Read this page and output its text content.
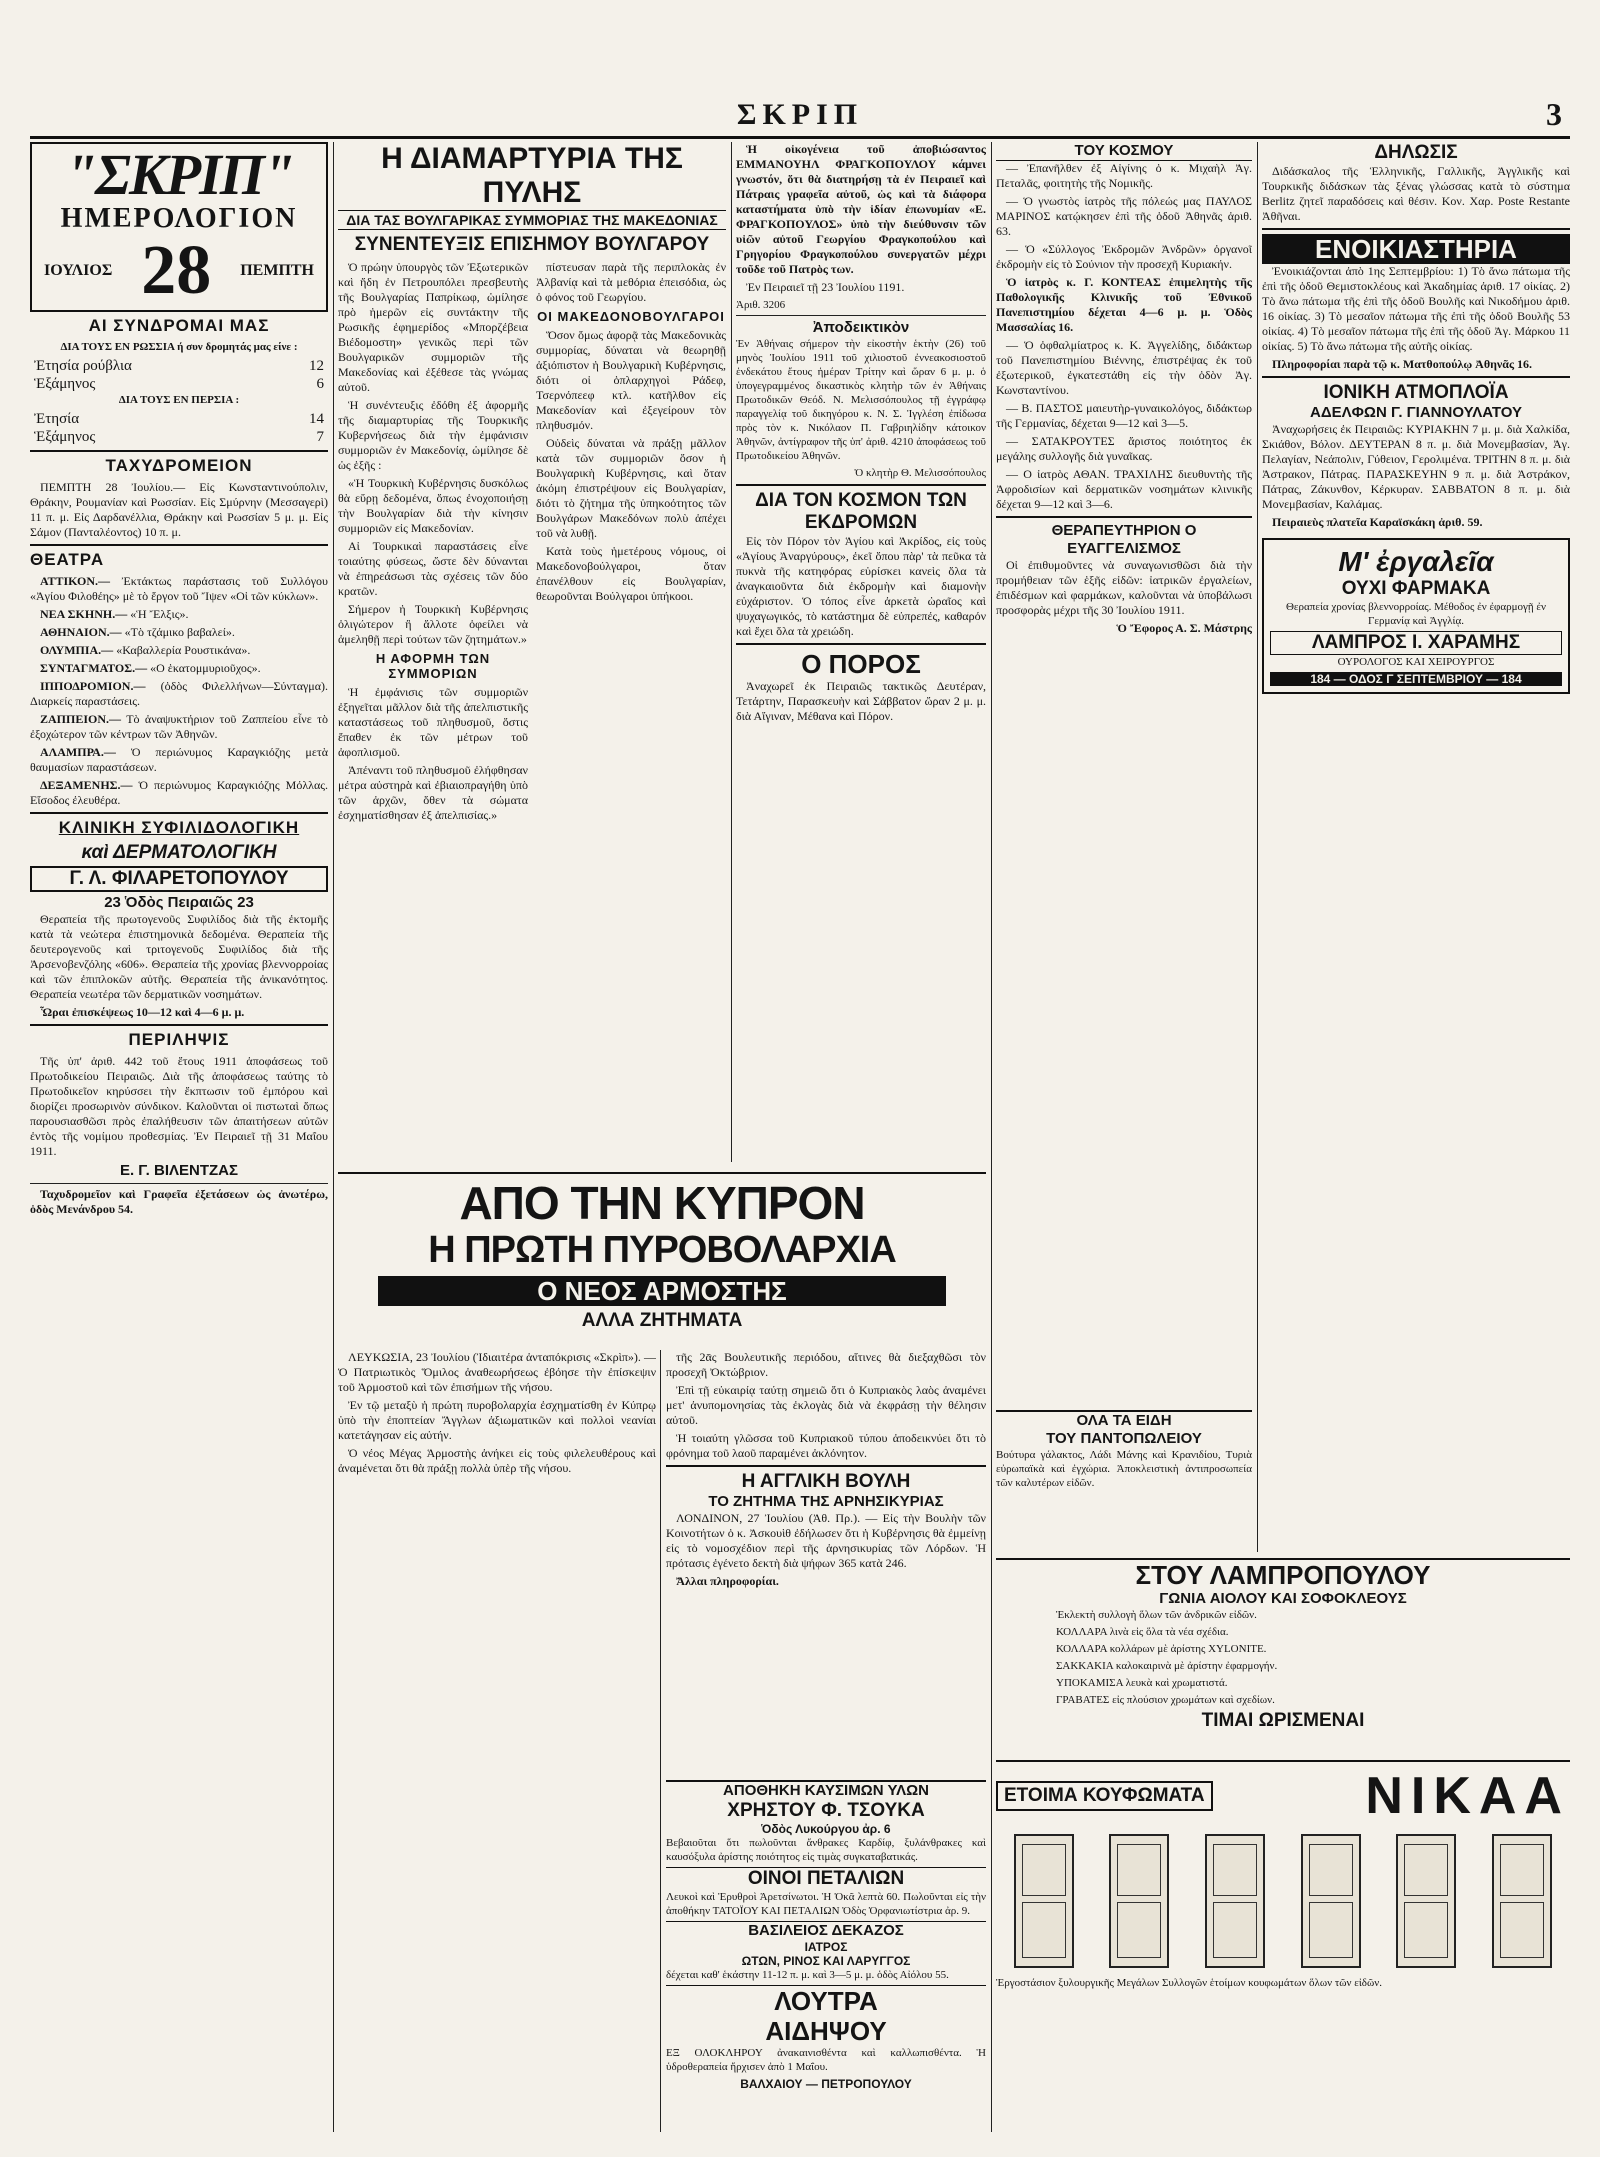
ΣΚΡΙΠ	3
"ΣΚΡΙΠ"
ΗΜΕΡΟΛΟΓΙΟΝ
ΙΟΥΛΙΟΣ 28 ΠΕΜΠΤΗ
ΑΙ ΣΥΝΔΡΟΜΑΙ ΜΑΣ
ΔΙΑ ΤΟΥΣ ΕΝ ΡΩΣΣΙΑ ή συν δρομητάς μας είνε :
Ἐτησία ρούβλια	12
Ἑξάμηνος	6
ΔΙΑ ΤΟΥΣ ΕΝ ΠΕΡΣΙΑ :
Ἐτησία	14
Ἑξάμηνος	7
ΤΑΧΥΔΡΟΜΕΙΟΝ

ΠΕΜΠΤΗ 28 Ἰουλίου.— Εἰς Κωνσταντινούπολιν, Θράκην, Ρουμανίαν καὶ Ρωσσίαν. Εἰς Σμύρνην (Μεσσαγερὶ) 11 π. μ. Εἰς Δαρδανέλλια, Θράκην καὶ Ρωσσίαν 5 μ. μ. Εἰς Σάμον (Πανταλέοντος) 10 π. μ.

ΘΕΑΤΡΑ

ΑΤΤΙΚΟΝ.— Ἐκτάκτως παράστασις τοῦ Συλλόγου «Ἀγίου Φιλοθέης» μὲ τὸ ἔργον τοῦ Ἴψεν «Οἱ τῶν κύκλων».

ΝΕΑ ΣΚΗΝΗ.— «Ἡ Ἔλξις».

ΑΘΗΝΑΙΟΝ.— «Τὸ τζάμικο βαβαλεί».

ΟΛΥΜΠΙΑ.— «Καβαλλερία Ρουστικάνα».

ΣΥΝΤΑΓΜΑΤΟΣ.— «Ο ἑκατομμυριοῦχος».

ΙΠΠΟΔΡΟΜΙΟΝ.— (ὁδὸς Φιλελλήνων—Σύνταγμα). Διαρκείς παραστάσεις.

ΖΑΠΠΕΙΟΝ.— Τὸ ἀναψυκτήριον τοῦ Ζαππείου εἶνε τὸ ἐξοχώτερον τῶν κέντρων τῶν Ἀθηνῶν.

ΑΛΑΜΠΡΑ.— Ὁ περιώνυμος Καραγκιόζης μετὰ θαυμασίων παραστάσεων.

ΔΕΞΑΜΕΝΗΣ.— Ὁ περιώνυμος Καραγκιόζης Μόλλας. Εἴσοδος ἐλευθέρα.

ΚΛΙΝΙΚΗ ΣΥΦΙΛΙΔΟΛΟΓΙΚΗ
καὶ ΔΕΡΜΑΤΟΛΟΓΙΚΗ
Γ. Λ. ΦΙΛΑΡΕΤΟΠΟΥΛΟΥ
23 Ὁδὸς Πειραιῶς 23

Θεραπεία τῆς πρωτογενοῦς Συφιλίδος διὰ τῆς ἐκτομῆς κατὰ τὰ νεώτερα ἐπιστημονικὰ δεδομένα. Θεραπεία τῆς δευτερογενοῦς καὶ τριτογενοῦς Συφιλίδος διὰ τῆς Ἀρσενοβενζόλης «606». Θεραπεία τῆς χρονίας βλεννορροίας καὶ τῶν ἐπιπλοκῶν αὐτῆς. Θεραπεία τῆς ἀνικανότητος. Θεραπεία νεωτέρα τῶν δερματικῶν νοσημάτων.

Ὧραι ἐπισκέψεως 10—12 καὶ 4—6 μ. μ.

ΠΕΡΙΛΗΨΙΣ

Τῆς ὑπ' ἀριθ. 442 τοῦ ἔτους 1911 ἀποφάσεως τοῦ Πρωτοδικείου Πειραιῶς. Διὰ τῆς ἀποφάσεως ταύτης τὸ Πρωτοδικεῖον κηρύσσει τὴν ἔκπτωσιν τοῦ ἐμπόρου καὶ διορίζει προσωρινὸν σύνδικον. Καλοῦνται οἱ πιστωταὶ ὅπως παρουσιασθῶσι πρὸς ἐπαλήθευσιν τῶν ἀπαιτήσεων αὐτῶν ἐντὸς τῆς νομίμου προθεσμίας. Ἐν Πειραιεῖ τῇ 31 Μαΐου 1911.

Ε. Γ. ΒΙΛΕΝΤΖΑΣ

Ταχυδρομεῖον καὶ Γραφεῖα ἐξετάσεων ὡς ἀνωτέρω, ὁδὸς Μενάνδρου 54.

Η ΔΙΑΜΑΡΤΥΡΙΑ ΤΗΣ ΠΥΛΗΣ
ΔΙΑ ΤΑΣ ΒΟΥΛΓΑΡΙΚΑΣ ΣΥΜΜΟΡΙΑΣ ΤΗΣ ΜΑΚΕΔΟΝΙΑΣ
ΣΥΝΕΝΤΕΥΞΙΣ ΕΠΙΣΗΜΟΥ ΒΟΥΛΓΑΡΟΥ

Ὁ πρώην ὑπουργὸς τῶν Ἐξωτερικῶν καὶ ἤδη ἐν Πετρουπόλει πρεσβευτὴς τῆς Βουλγαρίας Παπρίκωφ, ὡμίλησε πρὸ ἡμερῶν εἰς συντάκτην τῆς Ρωσικῆς ἐφημερίδος «Μπορζέβεια Βιέδομοστη» γενικῶς περὶ τῶν Βουλγαρικῶν συμμοριῶν τῆς Μακεδονίας καὶ ἐξέθεσε τὰς γνώμας αὐτοῦ.

Ἡ συνέντευξις ἐδόθη ἐξ ἀφορμῆς τῆς διαμαρτυρίας τῆς Τουρκικῆς Κυβερνήσεως διὰ τὴν ἐμφάνισιν συμμοριῶν ἐν Μακεδονίᾳ, ὡμίλησε δὲ ὡς ἑξῆς :

«Ἡ Τουρκικὴ Κυβέρνησις δυσκόλως θὰ εὕρῃ δεδομένα, ὅπως ἐνοχοποιήσῃ τὴν Βουλγαρίαν διὰ τὴν κίνησιν συμμοριῶν εἰς Μακεδονίαν.

Αἱ Τουρκικαὶ παραστάσεις εἶνε τοιαύτης φύσεως, ὥστε δὲν δύνανται νὰ ἐπηρεάσωσι τὰς σχέσεις τῶν δύο κρατῶν.

Σήμερον ἡ Τουρκικὴ Κυβέρνησις ὀλιγώτερον ἢ ἄλλοτε ὀφείλει νὰ ἀμεληθῇ περὶ τούτων τῶν ζητημάτων.»

Η ΑΦΟΡΜΗ ΤΩΝ ΣΥΜΜΟΡΙΩΝ

Ἡ ἐμφάνισις τῶν συμμοριῶν ἐξηγεῖται μᾶλλον διὰ τῆς ἀπελπιστικῆς καταστάσεως τοῦ πληθυσμοῦ, ὅστις ἔπαθεν ἐκ τῶν μέτρων τοῦ ἀφοπλισμοῦ.

Ἀπέναντι τοῦ πληθυσμοῦ ἐλήφθησαν μέτρα αὐστηρὰ καὶ ἐβιαιοπραγήθη ὑπὸ τῶν ἀρχῶν, ὅθεν τὰ σώματα ἐσχηματίσθησαν ἐξ ἀπελπισίας.»

πίστευσαν παρὰ τῆς περιπλοκὰς ἐν Ἀλβανίᾳ καὶ τὰ μεθόρια ἐπεισόδια, ὡς ὁ φόνος τοῦ Γεωργίου.

ΟΙ ΜΑΚΕΔΟΝΟΒΟΥΛΓΑΡΟΙ

Ὅσον ὅμως ἀφορᾷ τὰς Μακεδονικὰς συμμορίας, δύναται νὰ θεωρηθῇ ἀξιόπιστον ἡ Βουλγαρικὴ Κυβέρνησις, διότι οἱ ὁπλαρχηγοὶ Ράδεφ, Τσερνόπεεφ κτλ. κατῆλθον εἰς Μακεδονίαν καὶ ἐξεγείρουν τὸν πληθυσμόν.

Οὐδεὶς δύναται νὰ πράξῃ μᾶλλον κατὰ τῶν συμμοριῶν ὅσον ἡ Βουλγαρικὴ Κυβέρνησις, καὶ ὅταν ἀκόμη ἐπιστρέψουν εἰς Βουλγαρίαν, διότι τὸ ζήτημα τῆς ὑπηκοότητος τῶν Βουλγάρων Μακεδόνων πολὺ ἀπέχει τοῦ νὰ λυθῇ.

Κατὰ τοὺς ἡμετέρους νόμους, οἱ Μακεδονοβούλγαροι, ὅταν ἐπανέλθουν εἰς Βουλγαρίαν, θεωροῦνται Βούλγαροι ὑπήκοοι.

Ἡ οἰκογένεια τοῦ ἀποβιώσαντος ΕΜΜΑΝΟΥΗΛ ΦΡΑΓΚΟΠΟΥΛΟΥ κάμνει γνωστόν, ὅτι θὰ διατηρήσῃ τὰ ἐν Πειραιεῖ καὶ Πάτραις γραφεῖα αὐτοῦ, ὡς καὶ τὰ διάφορα καταστήματα ὑπὸ τὴν ἰδίαν ἐπωνυμίαν «Ε. ΦΡΑΓΚΟΠΟΥΛΟΣ» ὑπὸ τὴν διεύθυνσιν τῶν υἱῶν αὐτοῦ Γεωργίου Φραγκοπούλου καὶ Γρηγορίου Φραγκοπούλου συνεργατῶν μέχρι τοῦδε τοῦ Πατρὸς των.

Ἐν Πειραιεῖ τῇ 23 Ἰουλίου 1191.

Ἀριθ. 3206

Ἀποδεικτικὸν

Ἐν Ἀθήναις σήμερον τὴν εἰκοστὴν ἑκτὴν (26) τοῦ μηνὸς Ἰουλίου 1911 τοῦ χιλιοστοῦ ἐννεακοσιοστοῦ ἑνδεκάτου ἔτους ἡμέραν Τρίτην καὶ ὥραν 6 μ. μ. ὁ ὑπογεγραμμένος δικαστικὸς κλητὴρ τῶν ἐν Ἀθήναις Πρωτοδικῶν Θεόδ. Ν. Μελισσόπουλος τῇ ἐγγράφῳ παραγγελίᾳ τοῦ δικηγόρου κ. Ν. Σ. Ἰγγλέση ἐπίδωσα πρὸς τὸν κ. Νικόλαον Π. Γαβριηλίδην κάτοικον Ἀθηνῶν, ἀντίγραφον τῆς ὑπ' ἀριθ. 4210 ἀποφάσεως τοῦ Πρωτοδικείου Ἀθηνῶν.

Ὁ κλητὴρ Θ. Μελισσόπουλος

ΔΙΑ ΤΟΝ ΚΟΣΜΟΝ ΤΩΝ ΕΚΔΡΟΜΩΝ

Εἰς τὸν Πόρον τὸν Ἁγίου καὶ Ἀκρίδος, εἰς τοὺς «Ἁγίους Ἀναργύρους», ἐκεῖ ὅπου πὰρ' τὰ πεῦκα τὰ πυκνὰ τῆς κατηφόρας εὑρίσκει κανεὶς ὅλα τὰ ἀναγκαιοῦντα διὰ ἐκδρομὴν καὶ διαμονὴν εὐχάριστον. Ὁ τόπος εἶνε ἀρκετὰ ὡραῖος καὶ ψυχαγωγικός, τὸ κατάστημα δὲ εὐπρεπές, καθαρόν καὶ ἔχει ὅλα τὰ χρειώδη.

Ο ΠΟΡΟΣ

Ἀναχωρεῖ ἐκ Πειραιῶς τακτικῶς Δευτέραν, Τετάρτην, Παρασκευὴν καὶ Σάββατον ὥραν 2 μ. μ. διὰ Αἴγιναν, Μέθανα καὶ Πόρον.

ΑΠΟ ΤΗΝ ΚΥΠΡΟΝ
Η ΠΡΩΤΗ ΠΥΡΟΒΟΛΑΡΧΙΑ
Ο ΝΕΟΣ ΑΡΜΟΣΤΗΣ
ΑΛΛΑ ΖΗΤΗΜΑΤΑ

ΛΕΥΚΩΣΙΑ, 23 Ἰουλίου (Ἰδιαιτέρα ἀνταπόκρισις «Σκρὶπ»). — Ὁ Πατριωτικὸς Ὅμιλος ἀναθεωρήσεως ἐβόησε τὴν ἐπίσκεψιν τοῦ Ἀρμοστοῦ καὶ τῶν ἐπισήμων τῆς νήσου.

Ἐν τῷ μεταξὺ ἡ πρώτη πυροβολαρχία ἐσχηματίσθη ἐν Κύπρῳ ὑπὸ τὴν ἐποπτείαν Ἄγγλων ἀξιωματικῶν καὶ πολλοὶ νεανίαι κατετάγησαν εἰς αὐτήν.

Ὁ νέος Μέγας Ἁρμοστὴς ἀνήκει εἰς τοὺς φιλελευθέρους καὶ ἀναμένεται ὅτι θὰ πράξῃ πολλὰ ὑπὲρ τῆς νήσου.

τῆς 2ᾱς Βουλευτικῆς περιόδου, αἵτινες θὰ διεξαχθῶσι τὸν προσεχῆ Ὀκτώβριον.

Ἐπὶ τῇ εὐκαιρίᾳ ταύτῃ σημειῶ ὅτι ὁ Κυπριακὸς λαὸς ἀναμένει μετ' ἀνυπομονησίας τὰς ἐκλογὰς διὰ νὰ ἐκφράσῃ τὴν θέλησιν αὐτοῦ.

Ἡ τοιαύτη γλῶσσα τοῦ Κυπριακοῦ τύπου ἀποδεικνύει ὅτι τὸ φρόνημα τοῦ λαοῦ παραμένει ἀκλόνητον.

Η ΑΓΓΛΙΚΗ ΒΟΥΛΗ
ΤΟ ΖΗΤΗΜΑ ΤΗΣ ΑΡΝΗΣΙΚΥΡΙΑΣ

ΛΟΝΔΙΝΟΝ, 27 Ἰουλίου (Ἀθ. Πρ.). — Εἰς τὴν Βουλὴν τῶν Κοινοτήτων ὁ κ. Ἀσκουὶθ ἐδήλωσεν ὅτι ἡ Κυβέρνησις θὰ ἐμμείνῃ εἰς τὸ νομοσχέδιον περὶ τῆς ἀρνησικυρίας τῶν Λόρδων. Ἡ πρότασις ἐγένετο δεκτὴ διὰ ψήφων 365 κατὰ 246.

Ἄλλαι πληροφορίαι.

ΤΟΥ ΚΟΣΜΟΥ

— Ἐπανῆλθεν ἐξ Αἰγίνης ὁ κ. Μιχαὴλ Ἀγ. Πεταλᾶς, φοιτητὴς τῆς Νομικῆς.

— Ὁ γνωστὸς ἰατρὸς τῆς πόλεώς μας ΠΑΥΛΟΣ ΜΑΡΙΝΟΣ κατῴκησεν ἐπὶ τῆς ὁδοῦ Ἀθηνᾶς ἀριθ. 63.

— Ὁ «Σύλλογος Ἐκδρομῶν Ἀνδρῶν» ὀργανοῖ ἐκδρομὴν εἰς τὸ Σούνιον τὴν προσεχῆ Κυριακήν.

Ὁ ἰατρὸς κ. Γ. ΚΟΝΤΕΑΣ ἐπιμελητὴς τῆς Παθολογικῆς Κλινικῆς τοῦ Ἐθνικοῦ Πανεπιστημίου δέχεται 4—6 μ. μ. Ὁδὸς Μασσαλίας 16.

— Ὁ ὀφθαλμίατρος κ. Κ. Ἀγγελίδης, διδάκτωρ τοῦ Πανεπιστημίου Βιέννης, ἐπιστρέψας ἐκ τοῦ ἐξωτερικοῦ, ἐγκατεστάθη εἰς τὴν ὁδὸν Ἀγ. Κωνσταντίνου.

— Β. ΠΑΣΤΟΣ μαιευτὴρ-γυναικολόγος, διδάκτωρ τῆς Γερμανίας, δέχεται 9—12 καὶ 3—5.

— ΣΑΤΑΚΡΟΥΤΕΣ ἄριστος ποιότητος ἐκ μεγάλης συλλογῆς διὰ γυναῖκας.

— Ο ἰατρὸς ΑΘΑΝ. ΤΡΑΧΙΛΗΣ διευθυντὴς τῆς Ἀφροδισίων καὶ δερματικῶν νοσημάτων κλινικῆς δέχεται 9—12 καὶ 3—6.

ΘΕΡΑΠΕΥΤΗΡΙΟΝ Ο ΕΥΑΓΓΕΛΙΣΜΟΣ

Οἱ ἐπιθυμοῦντες νὰ συναγωνισθῶσι διὰ τὴν προμήθειαν τῶν ἑξῆς εἰδῶν: ἰατρικῶν ἐργαλείων, ἐπιδέσμων καὶ φαρμάκων, καλοῦνται νὰ ὑποβάλωσι προσφορὰς μέχρι τῆς 30 Ἰουλίου 1911.

Ὁ Ἔφορος Α. Σ. Μάστρης

ΔΗΛΩΣΙΣ

Διδάσκαλος τῆς Ἑλληνικῆς, Γαλλικῆς, Ἀγγλικῆς καὶ Τουρκικῆς διδάσκων τὰς ξένας γλώσσας κατὰ τὸ σύστημα Berlitz ζητεῖ παραδόσεις καὶ θέσιν. Κον. Χαρ. Poste Restante Ἀθῆναι.

ΕΝΟΙΚΙΑΣΤΗΡΙΑ

Ἐνοικιάζονται ἀπὸ 1ης Σεπτεμβρίου: 1) Τὸ ἄνω πάτωμα τῆς ἐπὶ τῆς ὁδοῦ Θεμιστοκλέους καὶ Ἀκαδημίας ἀριθ. 17 οἰκίας. 2) Τὸ ἄνω πάτωμα τῆς ἐπὶ τῆς ὁδοῦ Βουλῆς καὶ Νικοδήμου ἀριθ. 16 οἰκίας. 3) Τὸ μεσαῖον πάτωμα τῆς ἐπὶ τῆς ὁδοῦ Βουλῆς 53 οἰκίας. 4) Τὸ μεσαῖον πάτωμα τῆς ἐπὶ τῆς ὁδοῦ Ἀγ. Μάρκου 11 οἰκίας. 5) Τὸ ἄνω πάτωμα τῆς αὐτῆς οἰκίας.

Πληροφορίαι παρὰ τῷ κ. Ματθοπούλῳ Ἀθηνᾶς 16.

ΙΟΝΙΚΗ ΑΤΜΟΠΛΟΪΑ
ΑΔΕΛΦΩΝ Γ. ΓΙΑΝΝΟΥΛΑΤΟΥ

Ἀναχωρήσεις ἐκ Πειραιῶς: ΚΥΡΙΑΚΗΝ 7 μ. μ. διὰ Χαλκίδα, Σκιάθον, Βόλον. ΔΕΥΤΕΡΑΝ 8 π. μ. διὰ Μονεμβασίαν, Ἀγ. Πελαγίαν, Νεάπολιν, Γύθειον, Γερολιμένα. ΤΡΙΤΗΝ 8 π. μ. διὰ Ἀστρακον, Πάτρας. ΠΑΡΑΣΚΕΥΗΝ 9 π. μ. διὰ Ἀστράκον, Πάτρας, Ζάκυνθον, Κέρκυραν. ΣΑΒΒΑΤΟΝ 8 π. μ. διὰ Μονεμβασίαν, Καλάμας.

Πειραιεὺς πλατεῖα Καραϊσκάκη ἀριθ. 59.

Μ' ἐργαλεῖα
ΟΥΧΙ ΦΑΡΜΑΚΑ

Θεραπεία χρονίας βλεννορροίας. Μέθοδος ἐν ἐφαρμογῇ ἐν Γερμανίᾳ καὶ Ἀγγλίᾳ.

ΛΑΜΠΡΟΣ Ι. ΧΑΡΑΜΗΣ
ΟΥΡΟΛΟΓΟΣ ΚΑΙ ΧΕΙΡΟΥΡΓΟΣ
184 — ΟΔΟΣ Γ ΣΕΠΤΕΜΒΡΙΟΥ — 184
ΟΛΑ ΤΑ ΕΙΔΗ
ΤΟΥ ΠΑΝΤΟΠΩΛΕΙΟΥ

Βούτυρα γάλακτος, Λάδι Μάνης καὶ Κρανιδίου, Τυριὰ εὐρωπαϊκὰ καὶ ἐγχώρια. Ἀποκλειστικὴ ἀντιπροσωπεία τῶν καλυτέρων εἰδῶν.

ΣΤΟΥ ΛΑΜΠΡΟΠΟΥΛΟΥ
ΓΩΝΙΑ ΑΙΟΛΟΥ ΚΑΙ ΣΟΦΟΚΛΕΟΥΣ

Ἐκλεκτὴ συλλογὴ ὅλων τῶν ἀνδρικῶν εἰδῶν.

ΚΟΛΛΑΡΑ λινὰ εἰς ὅλα τὰ νέα σχέδια.

ΚΟΛΛΑΡΑ κολλάρων μὲ ἀρίστης XYLONITE.

ΣΑΚΚΑΚΙΑ καλοκαιρινὰ μὲ ἀρίστην ἐφαρμογήν.

ΥΠΟΚΑΜΙΣΑ λευκὰ καὶ χρωματιστά.

ΓΡΑΒΑΤΕΣ εἰς πλούσιον χρωμάτων καὶ σχεδίων.

ΤΙΜΑΙ ΩΡΙΣΜΕΝΑΙ
ΕΤΟΙΜΑ ΚΟΥΦΩΜΑΤΑ	ΝΙΚΑΑ

Ἐργοστάσιον ξυλουργικῆς Μεγάλων Συλλογῶν ἑτοίμων κουφωμάτων ὅλων τῶν εἰδῶν.

ΑΠΟΘΗΚΗ ΚΑΥΣΙΜΩΝ ΥΛΩΝ
ΧΡΗΣΤΟΥ Φ. ΤΣΟΥΚΑ
Ὁδὸς Λυκούργου ἀρ. 6

Βεβαιοῦται ὅτι πωλοῦνται ἄνθρακες Καρδίφ, ξυλάνθρακες καὶ καυσόξυλα ἀρίστης ποιότητος εἰς τιμὰς συγκαταβατικάς.

ΟΙΝΟΙ ΠΕΤΑΛΙΩΝ

Λευκοὶ καὶ Ἐρυθροὶ Ἀρετσίνωτοι. Ἡ Ὀκᾶ λεπτὰ 60. Πωλοῦνται εἰς τὴν ἀποθήκην ΤΑΤΟΪΟΥ ΚΑΙ ΠΕΤΑΛΙΩΝ Ὁδὸς Ὀρφανιωτίστρια ἀρ. 9.

ΒΑΣΙΛΕΙΟΣ ΔΕΚΑΖΟΣ
ΙΑΤΡΟΣ
ΩΤΩΝ, ΡΙΝΟΣ ΚΑΙ ΛΑΡΥΓΓΟΣ

δέχεται καθ' ἑκάστην 11-12 π. μ. καὶ 3—5 μ. μ. ὁδὸς Αἰόλου 55.

ΛΟΥΤΡΑ
ΑΙΔΗΨΟΥ

ΕΞ ΟΛΟΚΛΗΡΟΥ ἀνακαινισθέντα καὶ καλλωπισθέντα. Ἡ ὑδροθεραπεία ἤρχισεν ἀπὸ 1 Μαΐου.

ΒΑΛΧΑΙΟΥ — ΠΕΤΡΟΠΟΥΛΟΥ
